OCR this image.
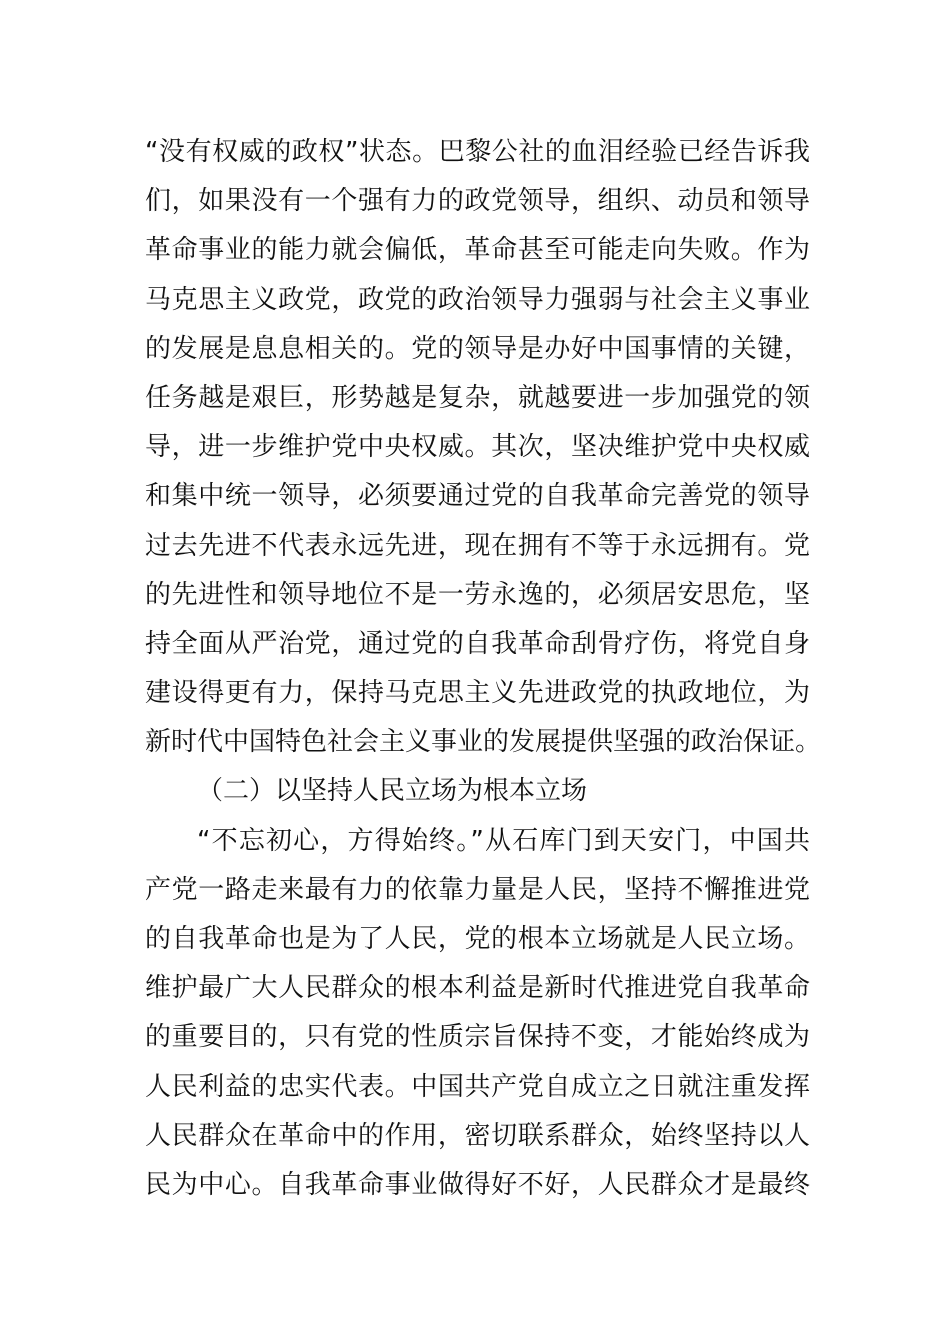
“没有权威的政权”状态。巴黎公社的血泪经验已经告诉我
们，如果没有一个强有力的政党领导，组织、动员和领导
革命事业的能力就会偏低，革命甚至可能走向失败。作为
马克思主义政党，政党的政治领导力强弱与社会主义事业
的发展是息息相关的。党的领导是办好中国事情的关键，
任务越是艰巨，形势越是复杂，就越要进一步加强党的领
导，进一步维护党中央权威。其次，坚决维护党中央权威
和集中统一领导，必须要通过党的自我革命完善党的领导
过去先进不代表永远先进，现在拥有不等于永远拥有。党
的先进性和领导地位不是一劳永逸的，必须居安思危，坚
持全面从严治党，通过党的自我革命刮骨疗伤，将党自身
建设得更有力，保持马克思主义先进政党的执政地位，为
新时代中国特色社会主义事业的发展提供坚强的政治保证。
（二）以坚持人民立场为根本立场
“不忘初心，方得始终。”从石库门到天安门，中国共
产党一路走来最有力的依靠力量是人民，坚持不懈推进党
的自我革命也是为了人民，党的根本立场就是人民立场。
维护最广大人民群众的根本利益是新时代推进党自我革命
的重要目的，只有党的性质宗旨保持不变，才能始终成为
人民利益的忠实代表。中国共产党自成立之日就注重发挥
人民群众在革命中的作用，密切联系群众，始终坚持以人
民为中心。自我革命事业做得好不好，人民群众才是最终
